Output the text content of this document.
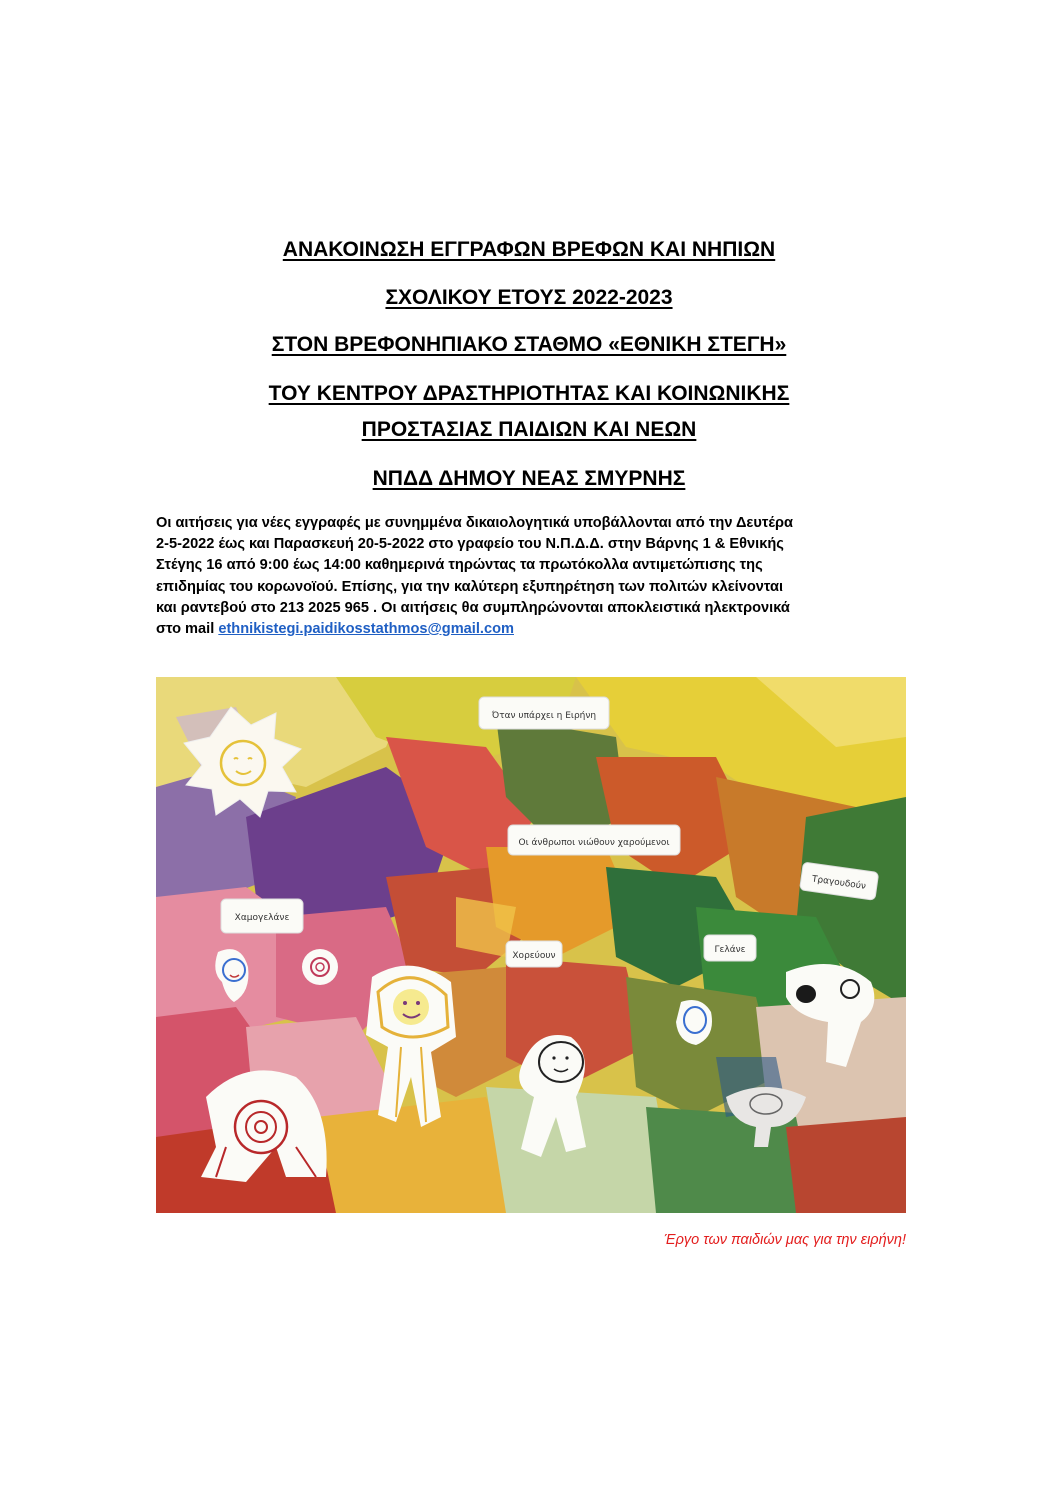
ΑΝΑΚΟΙΝΩΣΗ ΕΓΓΡΑΦΩΝ ΒΡΕΦΩΝ ΚΑΙ ΝΗΠΙΩΝ
ΣΧΟΛΙΚΟΥ ΕΤΟΥΣ 2022-2023
ΣΤΟΝ ΒΡΕΦΟΝΗΠΙΑΚΟ ΣΤΑΘΜΟ «ΕΘΝΙΚΗ ΣΤΕΓΗ»
ΤΟΥ ΚΕΝΤΡΟΥ ΔΡΑΣΤΗΡΙΟΤΗΤΑΣ ΚΑΙ ΚΟΙΝΩΝΙΚΗΣ
ΠΡΟΣΤΑΣΙΑΣ ΠΑΙΔΙΩΝ ΚΑΙ ΝΕΩΝ
ΝΠΔΔ ΔΗΜΟΥ ΝΕΑΣ ΣΜΥΡΝΗΣ
Οι αιτήσεις για νέες εγγραφές με συνημμένα δικαιολογητικά υποβάλλονται από την Δευτέρα
2-5-2022 έως και Παρασκευή 20-5-2022 στο γραφείο του Ν.Π.Δ.Δ. στην Βάρνης 1 & Εθνικής
Στέγης 16 από 9:00 έως 14:00 καθημερινά τηρώντας τα πρωτόκολλα αντιμετώπισης της
επιδημίας του κορωνοϊού. Επίσης, για την καλύτερη εξυπηρέτηση των πολιτών κλείνονται
και ραντεβού στο 213 2025 965 . Οι αιτήσεις θα συμπληρώνονται αποκλειστικά ηλεκτρονικά
στο mail ethnikistegi.paidikosstathmos@gmail.com
Όταν υπάρχει η Ειρήνη
Οι άνθρωποι νιώθουν χαρούμενοι
Τραγουδούν
Χαμογελάνε
Χορεύουν
Γελάνε
Έργο των παιδιών μας για την ειρήνη!
